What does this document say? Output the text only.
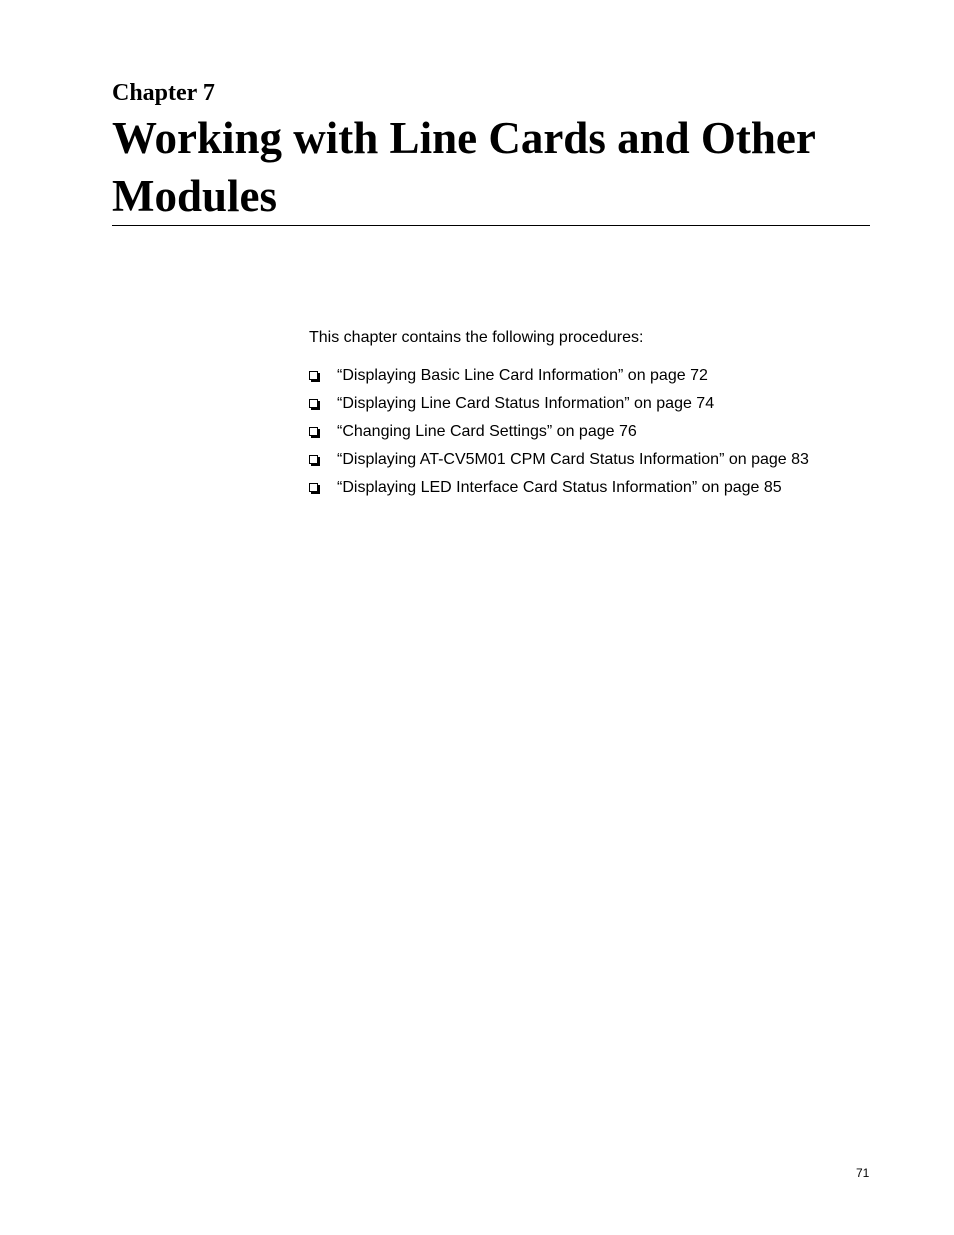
Chapter 7
Working with Line Cards and Other Modules
This chapter contains the following procedures:
“Displaying Basic Line Card Information” on page 72
“Displaying Line Card Status Information” on page 74
“Changing Line Card Settings” on page 76
“Displaying AT-CV5M01 CPM Card Status Information” on page 83
“Displaying LED Interface Card Status Information” on page 85
71
